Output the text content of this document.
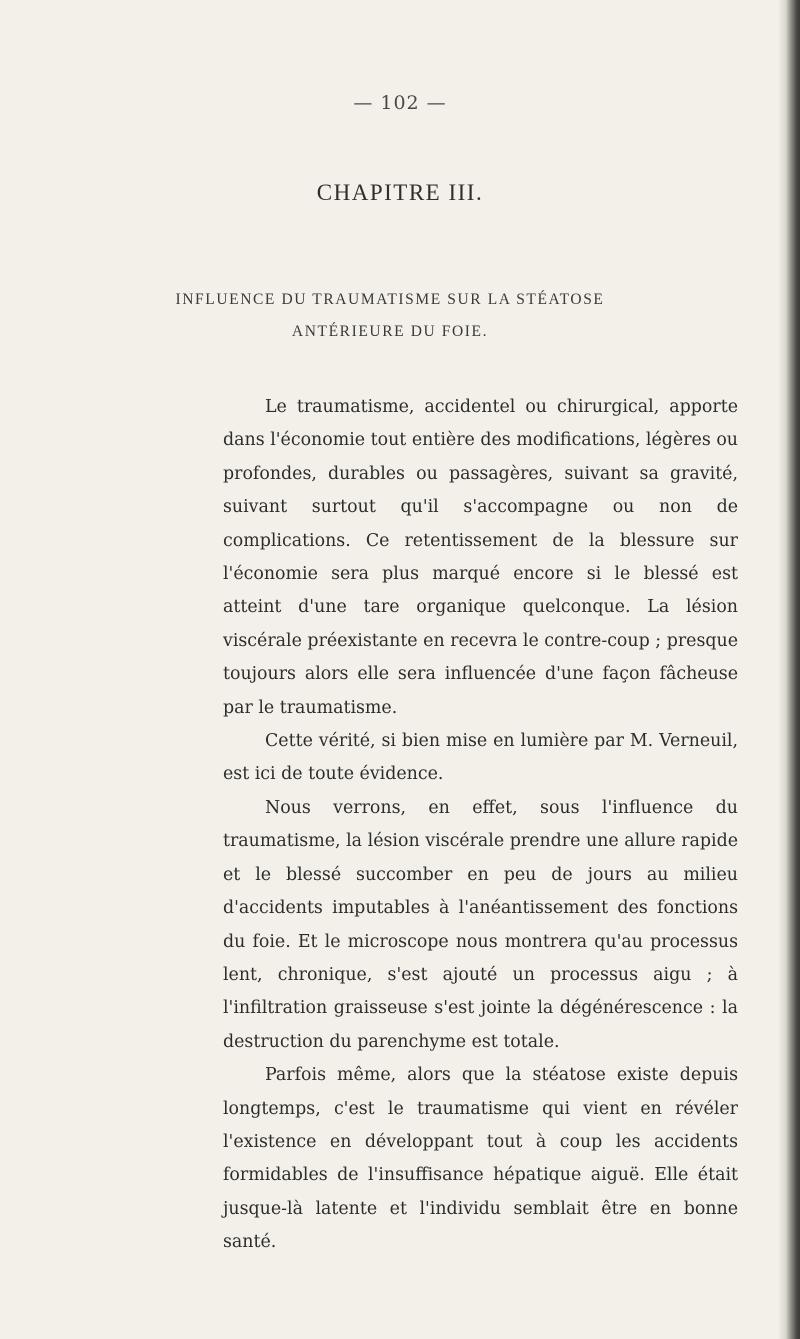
— 102 —
CHAPITRE III.
INFLUENCE DU TRAUMATISME SUR LA STÉATOSE
ANTÉRIEURE DU FOIE.

Le traumatisme, accidentel ou chirurgical, apporte dans l'économie tout entière des modifications, légères ou profondes, durables ou passagères, suivant sa gravité, suivant surtout qu'il s'accompagne ou non de complications. Ce retentissement de la blessure sur l'économie sera plus marqué encore si le blessé est atteint d'une tare organique quelconque. La lésion viscérale préexistante en recevra le contre-coup ; presque toujours alors elle sera influencée d'une façon fâcheuse par le traumatisme.

Cette vérité, si bien mise en lumière par M. Verneuil, est ici de toute évidence.

Nous verrons, en effet, sous l'influence du traumatisme, la lésion viscérale prendre une allure rapide et le blessé succomber en peu de jours au milieu d'accidents imputables à l'anéantissement des fonctions du foie. Et le microscope nous montrera qu'au processus lent, chronique, s'est ajouté un processus aigu ; à l'infiltration graisseuse s'est jointe la dégénérescence : la destruction du parenchyme est totale.

Parfois même, alors que la stéatose existe depuis longtemps, c'est le traumatisme qui vient en révéler l'existence en développant tout à coup les accidents formidables de l'insuffisance hépatique aiguë. Elle était jusque-là latente et l'individu semblait être en bonne santé.
